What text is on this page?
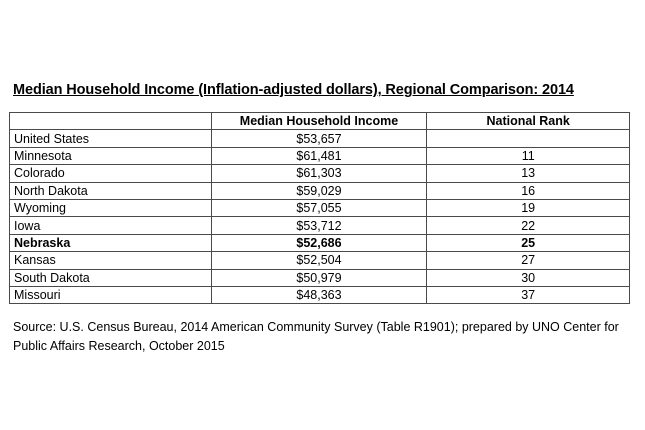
Median Household Income (Inflation-adjusted dollars), Regional Comparison: 2014
	Median Household Income	National Rank
United States	$53,657	
Minnesota	$61,481	11
Colorado	$61,303	13
North Dakota	$59,029	16
Wyoming	$57,055	19
Iowa	$53,712	22
Nebraska	$52,686	25
Kansas	$52,504	27
South Dakota	$50,979	30
Missouri	$48,363	37
Source: U.S. Census Bureau, 2014 American Community Survey (Table R1901); prepared by UNO Center for Public Affairs Research, October 2015
